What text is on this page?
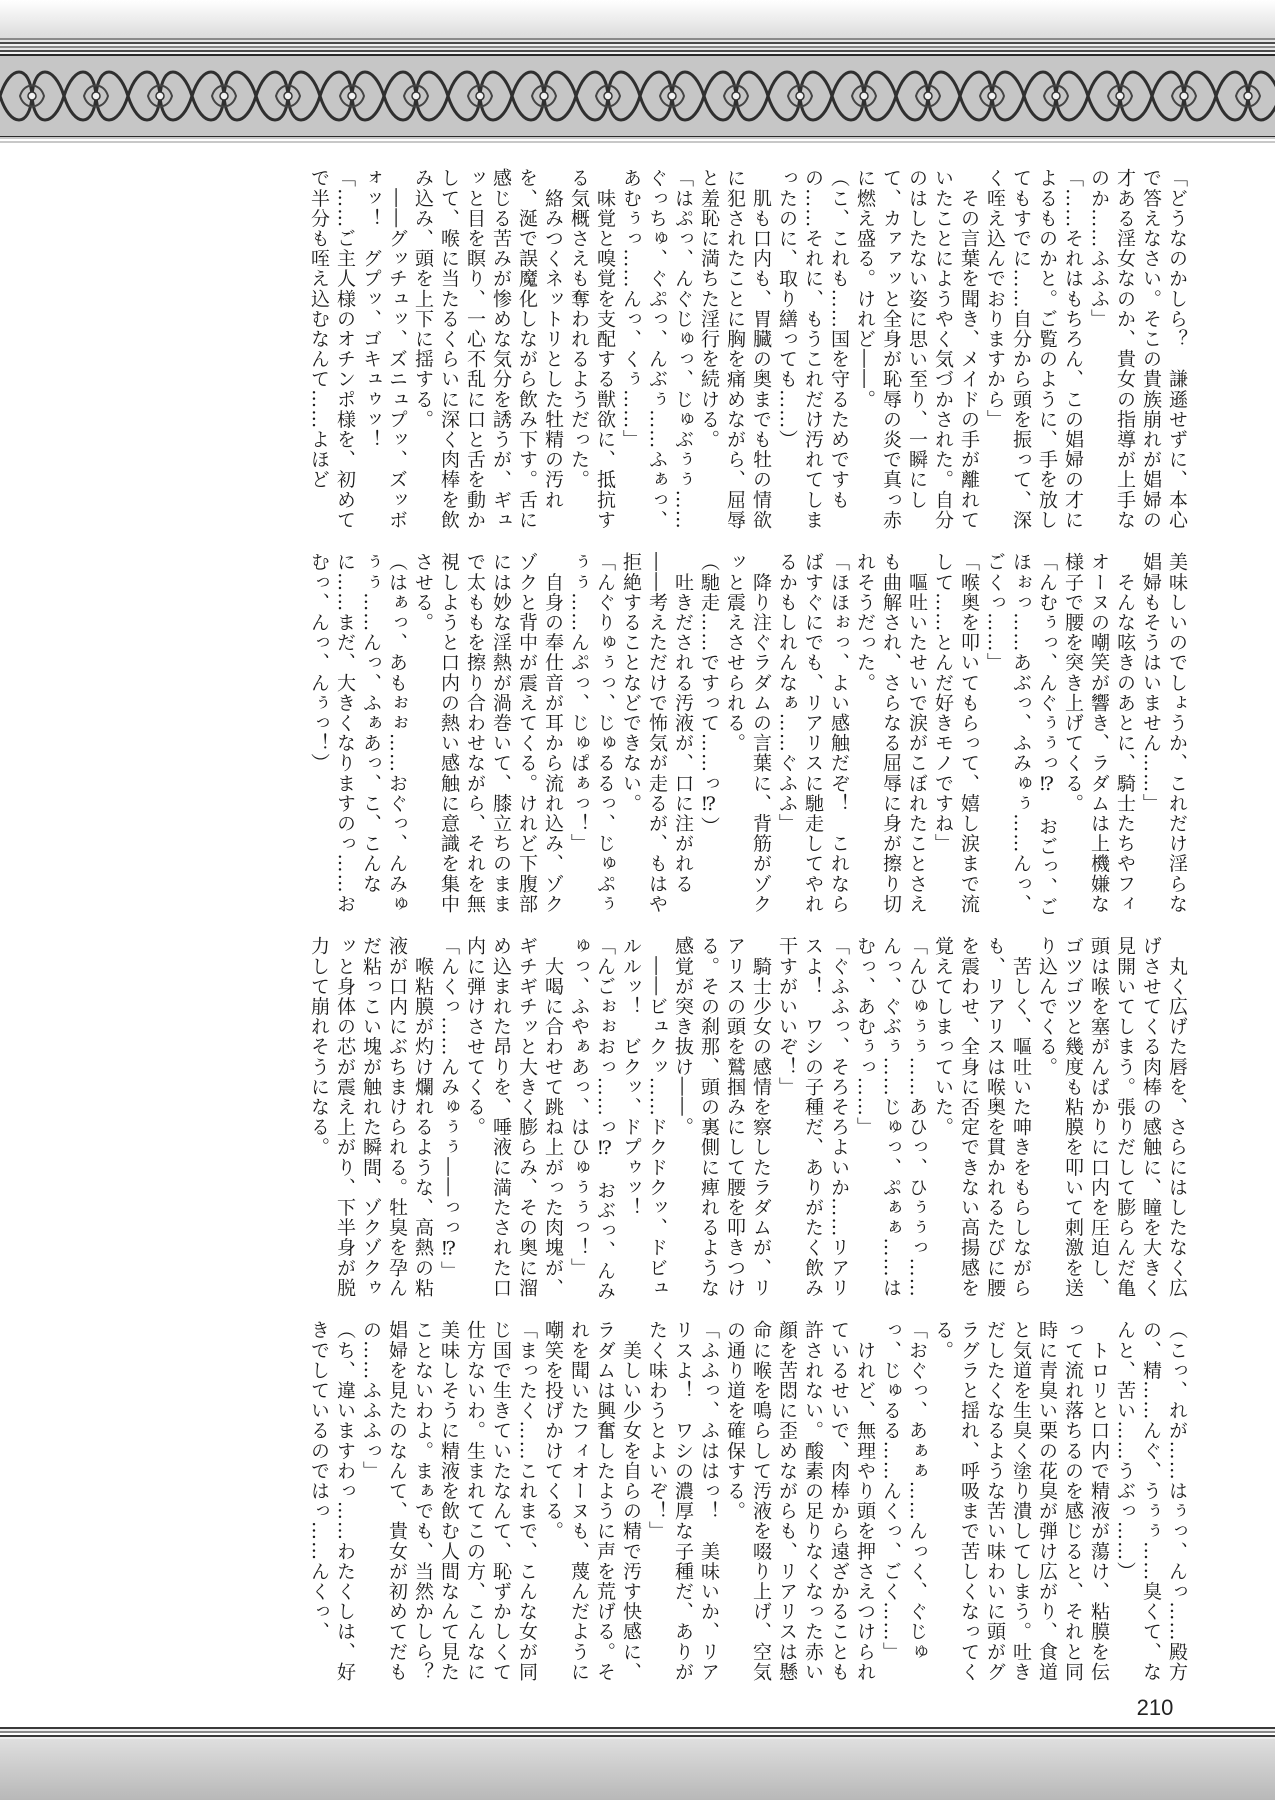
「どうなのかしら？　謙遜せずに、本心で答えなさい。そこの貴族崩れが娼婦の才ある淫女なのか、貴女の指導が上手なのか……ふふふ」
「……それはもちろん、この娼婦の才によるものかと。ご覧のように、手を放してもすでに……自分から頭を振って、深く咥え込んでおりますから」
　その言葉を聞き、メイドの手が離れていたことにようやく気づかされた。自分のはしたない姿に思い至り、一瞬にして、カァァッと全身が恥辱の炎で真っ赤に燃え盛る。けれど――。
（こ、これも……国を守るためですもの……それに、もうこれだけ汚れてしまったのに、取り繕っても……）
　肌も口内も、胃臓の奥までも牡の情欲に犯されたことに胸を痛めながら、屈辱と羞恥に満ちた淫行を続ける。
「はぷっ、んぐじゅっ、じゅぶぅぅ……ぐっちゅ、ぐぷっ、んぶぅ……ふぁっ、あむぅっ……んっ、くぅ……」
　味覚と嗅覚を支配する獣欲に、抵抗する気概さえも奪われるようだった。
　絡みつくネットリとした牡精の汚れを、涎で誤魔化しながら飲み下す。舌に感じる苦みが惨めな気分を誘うが、ギュッと目を瞑り、一心不乱に口と舌を動かして、喉に当たるくらいに深く肉棒を飲み込み、頭を上下に揺する。
　――グッチュッ、ズニュプッ、ズッボォッ！　グプッ、ゴキュゥッ！
「……ご主人様のオチンポ様を、初めてで半分も咥え込むなんて……よほど
美味しいのでしょうか、これだけ淫らな娼婦もそうはいません……」
　そんな呟きのあとに、騎士たちやフィオーヌの嘲笑が響き、ラダムは上機嫌な様子で腰を突き上げてくる。
「んむぅっ、んぐぅぅっ⁉　おごっ、ごほぉっ……あぶっ、ふみゅぅ……んっ、ごくっ……」
「喉奥を叩いてもらって、嬉し涙まで流して……とんだ好きモノですね」
　嘔吐いたせいで涙がこぼれたことさえも曲解され、さらなる屈辱に身が擦り切れそうだった。
「ほほぉっ、よい感触だぞ！　これならばすぐにでも、リアリスに馳走してやれるかもしれんなぁ……ぐふふ」
　降り注ぐラダムの言葉に、背筋がゾクッと震えさせられる。
（馳走……ですって……っ⁉）
　吐きだされる汚液が、口に注がれる――考えただけで怖気が走るが、もはや拒絶することなどできない。
「んぐりゅぅっ、じゅるるっ、じゅぷぅぅぅ……んぷっ、じゅぱぁっ！」
　自身の奉仕音が耳から流れ込み、ゾクゾクと背中が震えてくる。けれど下腹部には妙な淫熱が渦巻いて、膝立ちのままで太ももを擦り合わせながら、それを無視しようと口内の熱い感触に意識を集中させる。
（はぁっ、あもぉぉ……おぐっ、んみゅぅぅ……んっ、ふぁあっ、こ、こんなに……まだ、大きくなりますのっ……おむっ、んっ、んぅっ！）
　丸く広げた唇を、さらにはしたなく広げさせてくる肉棒の感触に、瞳を大きく見開いてしまう。張りだして膨らんだ亀頭は喉を塞がんばかりに口内を圧迫し、ゴツゴツと幾度も粘膜を叩いて刺激を送り込んでくる。
　苦しく、嘔吐いた呻きをもらしながらも、リアリスは喉奥を貫かれるたびに腰を震わせ、全身に否定できない高揚感を覚えてしまっていた。
「んひゅぅぅ……あひっ、ひぅぅっ……んっ、ぐぶぅ……じゅっ、ぷぁぁ……はむっ、あむぅっ……」
「ぐふふっ、そろそろよいか……リアリスよ！　ワシの子種だ、ありがたく飲み干すがいいぞ！」
　騎士少女の感情を察したラダムが、リアリスの頭を鷲掴みにして腰を叩きつける。その刹那、頭の裏側に痺れるような感覚が突き抜け――。
　――ビュクッ……ドクドクッ、ドビュルルッ！　ビクッ、ドプゥッ！
「んごぉぉおっ……っ⁉　おぶっ、んみゅっ、ふやぁあっ、はひゅぅぅっ！」
　大喝に合わせて跳ね上がった肉塊が、ギチギチッと大きく膨らみ、その奥に溜め込まれた昂りを、唾液に満たされた口内に弾けさせてくる。
「んくっ……んみゅぅぅ――っっ⁉」
　喉粘膜が灼け爛れるような、高熱の粘液が口内にぶちまけられる。牡臭を孕んだ粘っこい塊が触れた瞬間、ゾクゾクゥッと身体の芯が震え上がり、下半身が脱力して崩れそうになる。
（こっ、れが……はぅっ、んっ……殿方の、精……んぐ、うぅぅ……臭くて、なんと、苦い……うぶっ……）
　トロリと口内で精液が蕩け、粘膜を伝って流れ落ちるのを感じると、それと同時に青臭い栗の花臭が弾け広がり、食道と気道を生臭く塗り潰してしまう。吐きだしたくなるような苦い味わいに頭がグラグラと揺れ、呼吸まで苦しくなってくる。
「おぐっ、あぁぁ……んっく、ぐじゅっ、じゅるる……んくっ、ごく……」
　けれど、無理やり頭を押さえつけられているせいで、肉棒から遠ざかることも許されない。酸素の足りなくなった赤い顔を苦悶に歪めながらも、リアリスは懸命に喉を鳴らして汚液を啜り上げ、空気の通り道を確保する。
「ふふっ、ふははっ！　美味いか、リアリスよ！　ワシの濃厚な子種だ、ありがたく味わうとよいぞ！」
　美しい少女を自らの精で汚す快感に、ラダムは興奮したように声を荒げる。それを聞いたフィオーヌも、蔑んだように嘲笑を投げかけてくる。
「まったく……これまで、こんな女が同じ国で生きていたなんて、恥ずかしくて仕方ないわ。生まれてこの方、こんなに美味しそうに精液を飲む人間なんて見たことないわよ。まぁでも、当然かしら？　娼婦を見たのなんて、貴女が初めてだもの……ふふふっ」
（ち、違いますわっ……わたくしは、好きでしているのではっ……んくっ、
210
